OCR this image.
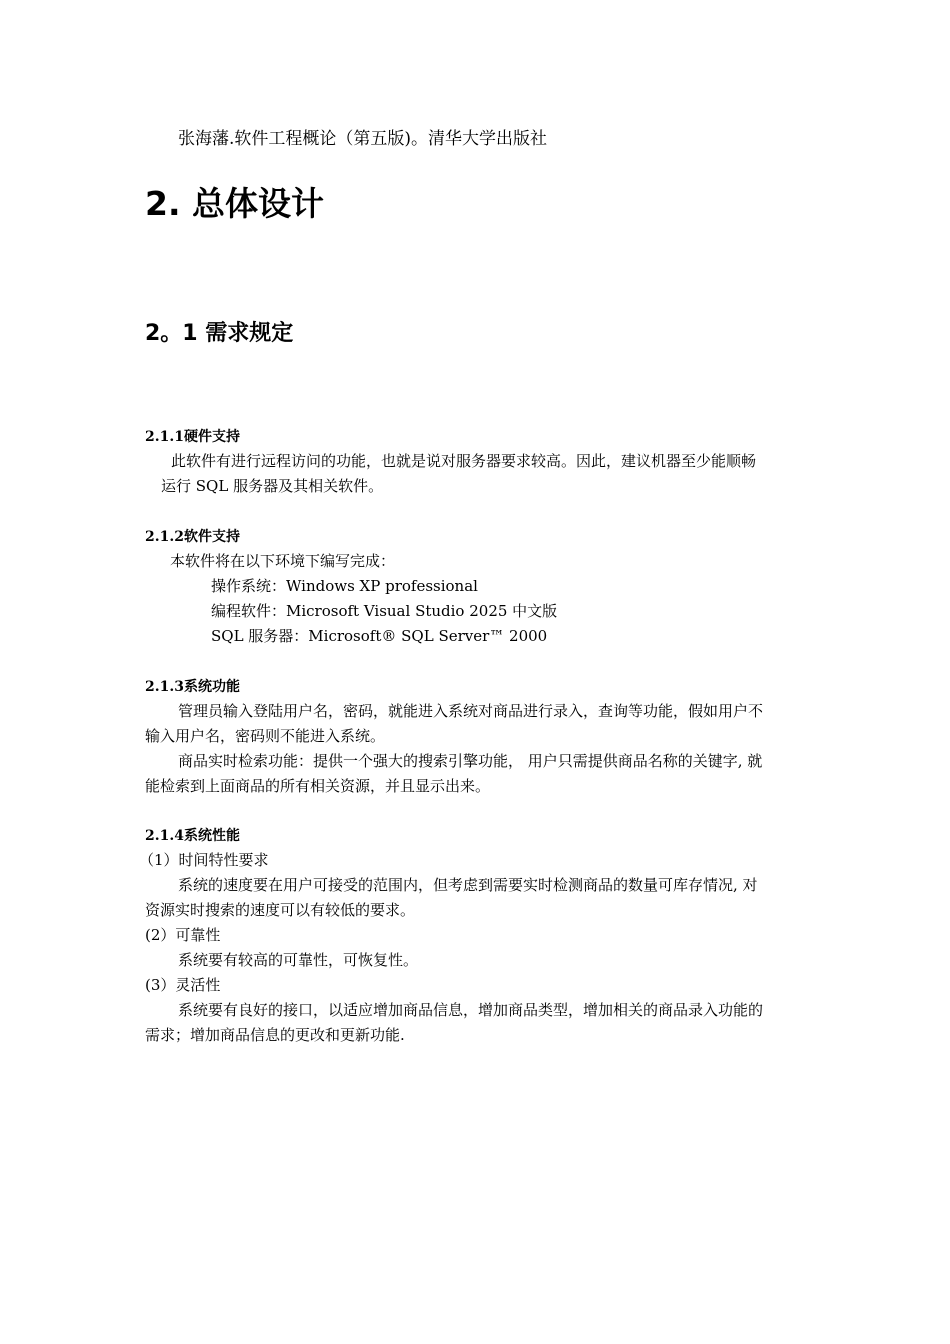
张海藩.软件工程概论（第五版)。清华大学出版社
2. 总体设计
2。1 需求规定
2.1.1硬件支持
此软件有进行远程访问的功能，也就是说对服务器要求较高。因此，建议机器至少能顺畅
运行 SQL 服务器及其相关软件。
2.1.2软件支持
本软件将在以下环境下编写完成：
操作系统：Windows XP professional
编程软件：Microsoft Visual Studio 2025 中文版
SQL 服务器：Microsoft® SQL Server™ 2000
2.1.3系统功能
管理员输入登陆用户名，密码，就能进入系统对商品进行录入，查询等功能，假如用户不
输入用户名，密码则不能进入系统。
商品实时检索功能：提供一个强大的搜索引擎功能， 用户只需提供商品名称的关键字, 就
能检索到上面商品的所有相关资源，并且显示出来。
2.1.4系统性能
（1）时间特性要求
系统的速度要在用户可接受的范围内，但考虑到需要实时检测商品的数量可库存情况, 对
资源实时搜索的速度可以有较低的要求。
(2）可靠性
系统要有较高的可靠性，可恢复性。
(3）灵活性
系统要有良好的接口，以适应增加商品信息，增加商品类型，增加相关的商品录入功能的
需求；增加商品信息的更改和更新功能.
